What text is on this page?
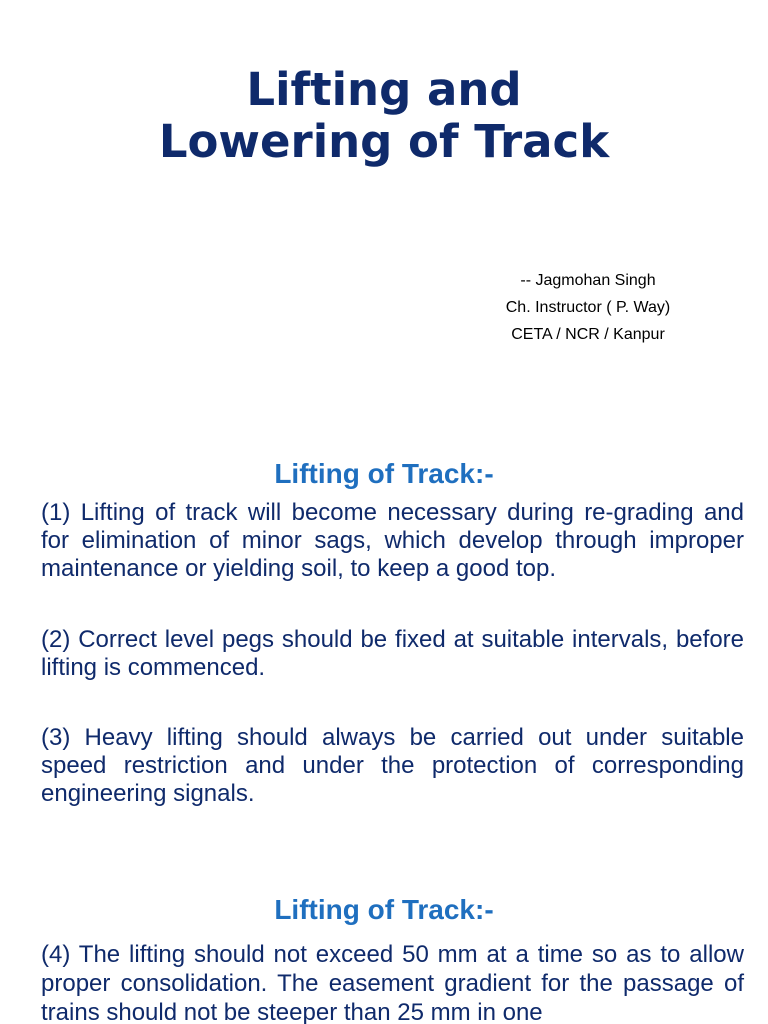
Lifting and
Lowering of Track
-- Jagmohan Singh
Ch. Instructor ( P. Way)
CETA / NCR / Kanpur
Lifting of Track:-

(1) Lifting of track will become necessary during re-grading and for elimination of minor sags, which develop through improper maintenance or yielding soil, to keep a good top.

(2) Correct level pegs should be fixed at suitable intervals, before lifting is commenced.

(3) Heavy lifting should always be carried out under suitable speed restriction and under the protection of corresponding engineering signals.

Lifting of Track:-

(4) The lifting should not exceed 50 mm at a time so as to allow proper consolidation. The easement gradient for the passage of trains should not be steeper than 25 mm in one
